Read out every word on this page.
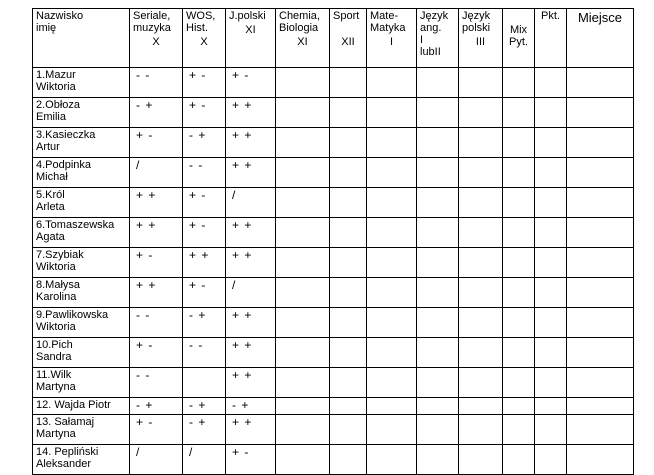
Nazwisko
imię	Seriale,
muzyka
X	WOS,
Hist.
X	J.polski
XI	Chemia,
Biologia
XI	Sport
XII	Mate-
Matyka
I	Język
ang.
I
lubII	Język
polski
III	Mix
Pyt.	Pkt.	Miejsce

1.Mazur
Wiktoria	- -	+ -	+ -								
2.Obłoza
Emilia	- +	+ -	+ +								
3.Kasieczka
Artur	+ -	- +	+ +								
4.Podpinka
Michał	/	- -	+ +								
5.Król
Arleta	+ +	+ -	/								
6.Tomaszewska
Agata	+ +	+ -	+ +								
7.Szybiak
Wiktoria	+ -	+ +	+ +								
8.Małysa
Karolina	+ +	+ -	/								
9.Pawlikowska
Wiktoria	- -	- +	+ +								
10.Pich
Sandra	+ -	- -	+ +								
11.Wilk
Martyna	- -		+ +								
12. Wajda Piotr	- +	- +	- +								
13. Sałamaj
Martyna	+ -	- +	+ +								
14. Pepliński
Aleksander	/	/	+ -								
